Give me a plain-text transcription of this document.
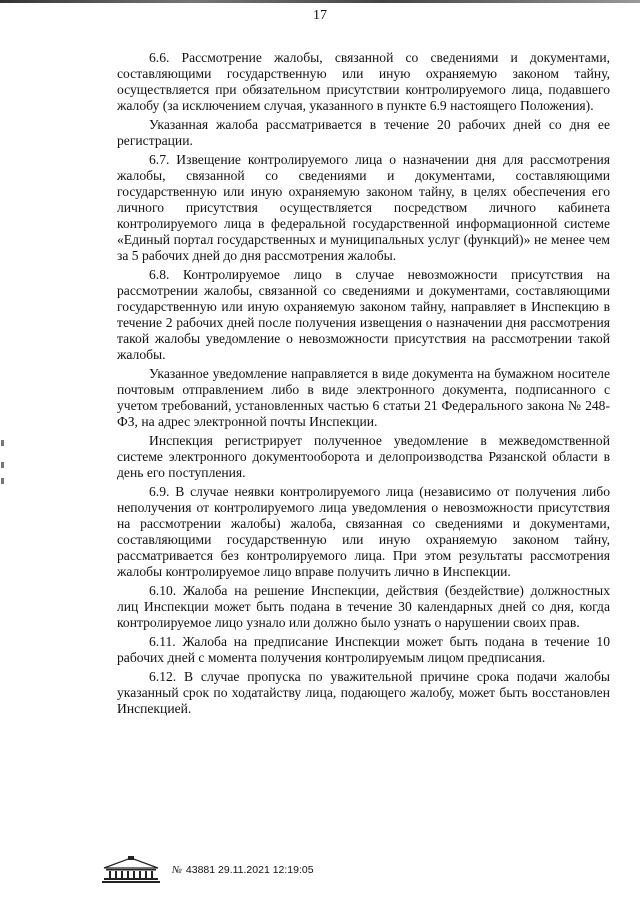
17

6.6. Рассмотрение жалобы, связанной со сведениями и документами, составляющими государственную или иную охраняемую законом тайну, осуществляется при обязательном присутствии контролируемого лица, подавшего жалобу (за исключением случая, указанного в пункте 6.9 настоящего Положения).

Указанная жалоба рассматривается в течение 20 рабочих дней со дня ее регистрации.

6.7. Извещение контролируемого лица о назначении дня для рассмотрения жалобы, связанной со сведениями и документами, составляющими государственную или иную охраняемую законом тайну, в целях обеспечения его личного присутствия осуществляется посредством личного кабинета контролируемого лица в федеральной государственной информационной системе «Единый портал государственных и муниципальных услуг (функций)» не менее чем за 5 рабочих дней до дня рассмотрения жалобы.

6.8. Контролируемое лицо в случае невозможности присутствия на рассмотрении жалобы, связанной со сведениями и документами, составляющими государственную или иную охраняемую законом тайну, направляет в Инспекцию в течение 2 рабочих дней после получения извещения о назначении дня рассмотрения такой жалобы уведомление о невозможности присутствия на рассмотрении такой жалобы.

Указанное уведомление направляется в виде документа на бумажном носителе почтовым отправлением либо в виде электронного документа, подписанного с учетом требований, установленных частью 6 статьи 21 Федерального закона № 248-ФЗ, на адрес электронной почты Инспекции.

Инспекция регистрирует полученное уведомление в межведомственной системе электронного документооборота и делопроизводства Рязанской области в день его поступления.

6.9. В случае неявки контролируемого лица (независимо от получения либо неполучения от контролируемого лица уведомления о невозможности присутствия на рассмотрении жалобы) жалоба, связанная со сведениями и документами, составляющими государственную или иную охраняемую законом тайну, рассматривается без контролируемого лица. При этом результаты рассмотрения жалобы контролируемое лицо вправе получить лично в Инспекции.

6.10. Жалоба на решение Инспекции, действия (бездействие) должностных лиц Инспекции может быть подана в течение 30 календарных дней со дня, когда контролируемое лицо узнало или должно было узнать о нарушении своих прав.

6.11. Жалоба на предписание Инспекции может быть подана в течение 10 рабочих дней с момента получения контролируемым лицом предписания.

6.12. В случае пропуска по уважительной причине срока подачи жалобы указанный срок по ходатайству лица, подающего жалобу, может быть восстановлен Инспекцией.

№ 43881 29.11.2021 12:19:05
